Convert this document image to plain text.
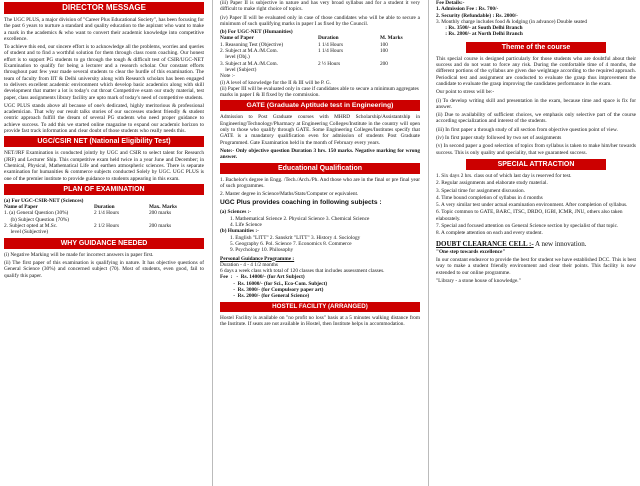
DIRECTOR MESSAGE

The UGC PLUS, a major division of "Career Plus Educational Society", has been focusing for the past 6 years to nurture a standard and quality education to the aspirant who want to make a mark in the academics & who want to convert their academic knowledge into competitive excellence.

To achieve this end, our sincere effort is to acknowledge all the problems, worries and queries of student and to find a worthful solution for them through class room coaching. Our honest effort is to support PG students to go through the tough & difficult test of CSIR/UGC-NET Examination to qualify for being a lecturer and a research scholar. Our constant efforts throughout past few year made several students to clear the hurdle of this examination. The team of faculty from IIT & Delhi university along with Research scholars has been engaged to delivers excellent academic environment which develop basic academics along with skill development that matter a lot is today's cut throat Competitive exam our study material, test paper, class assignments library facility are upto mark of today's need of competitive students.

UGC PLUS stands above all because of one's dedicated, highly meritorious & professional academician. That why our result talks stories of our successes student friendly & student centric approach fulfill the dream of several PG students who need proper guidance to achieve success. To add this we started online magazine to expand our academic horizon to provide fast track information and clear doubt of those students who really needs this.

UGC/CSIR NET (National Eligibility Test)

NET/JRF Examination is conducted jointly by UGC and CSIR to select talent for Research (JRF) and Lecturer Ship. This competitive exam held twice in a year June and December; in Chemical, Physical, Mathematical Life and earthen atmospheric sciences. There is separate examination for humanities & commerce subjects conducted Solely by UGC. UGC PLUS is one of the premier institute to provide guidance to students appearing in this exam.

PLAN OF EXAMINATION
(a) For UGC-CSIR-NET (Sciences)
Name of Paper	Duration	Max. Marks
1. (a) General Question (30%)	2 1/4 Hours	200 marks
(b) Subject Question (70%)
2. Subject opted at M.Sc.	2 1/2 Hours	200 marks
level (Subjective)
WHY GUIDANCE NEEDED

(i) Negative Marking will be made for incorrect answers in paper first.

(ii) The first paper of this examination is qualifying in nature. It has objective questions of General Science (30%) and concerned subject (70). Most of students, even good, fail to qualify this paper.

(iii) Paper II is subjective in nature and has very broad syllabus and for a student it very difficult to make right choice of topics.

(iv) Paper II will be evaluated only in case of those candidates who will be able to secure a minimum of such qualifying marks in paper I as fixed by the Council.

(b) For UGC-NET (Humanities)
Name of Paper	Duration	M. Marks
1. Reasoning Test (Objective)	1 1/4 Hours	100
2. Subject at M.A./M.Com.	1 1/4 Hours	100
level (Obj.)
3. Subject at M.A./M.Com.	2 ½ Hours	200
level (Subject)
Note :-
(i) A level of knowledge for the II & III will be P. G.
(ii) Paper III will be evaluated only in case if candidates able to secure a minimum aggregates marks in paper I & II fixed by the commission.
GATE (Graduate Aptitude test in Engineering)

Admission to Post Graduate courses with MHRD Scholarship/Assistantship in Engineering/Technology/Pharmacy at Engineering Colleges/Institute in the country will open only to those who qualify through GATE. Some Engineering Colleges/Institutes specify that GATE is a mandatory qualification even for admission of students Post Graduate Programmed. Gate Examination held in the month of February every years.

Note:- Only objective question Duration 3 hrs. 150 marks. Negative marking for wrong answer.

Educational Qualification

1. Bachelor's degree in Engg. /Tech./Arch./Ph. And those who are in the final or pre final year of such programmes.

2. Master degree in Science/Maths/Stats/Computer or equivalent.

UGC Plus provides coaching in following subjects :
(a) Sciences :-
1. Mathematical Science 2. Physical Science 3. Chemical Science
4. Life Science
(b) Humanities :-
1. English "LITT" 2. Sanskrit "LITT" 3. History 4. Sociology
5. Geography 6. Pol. Science 7. Economics 8. Commerce
9. Psychology 10. Philosophy
Personal Guidance Programme :
Duration - 4 - 4 1/2 months
6 days a week class with total of 120 classes that includes assessment classes.
Fee  :   -  Rs. 14000/- (for Art Subject)
-  Rs. 16000/- (for Sci., Eco-Com. Subject)
-  Rs. 3000/- (for Compulsory paper art)
-  Rs. 2000/- (for General Science)
HOSTEL FACILITY (ARRANGED)

Hostel Facility is available on "no profit no loss" basis at a 5 minutes walking distance from the Institute. If seats are not available in Hostel, then Institute helps in accommodation.

Fee Details:-
1. Admission Fee : Rs. 700/-
2. Security (Refundable) : Rs. 2000/-
3. Monthly charge includes food & lodging (in advance) Double seated
: Rs. 3500/- at South Delhi Branch
: Rs. 2800/- at North Delhi Branch
Theme of the course

This special course is designed particularly for those students who are doubtful about their success and do not want to force any risk. During the comfortable time of 4 months, the different portions of the syllabus are given due weightage according to the required approach. Periodical test and assignment are conducted to evaluate the grasp thus improvement the candidate to evaluate the grasp improving the candidates performance in the exam.

Our point to stress will be:-

(i) To develop writing skill and presentation in the exam, because time and space is fix for answer.

(ii) Due to availability of sufficient choices, we emphasis only selective part of the course according specialization and interest of the students.

(iii) In first paper a through study of all section from objective question point of view.

(iv) In first paper study followed by two set of assignments

(v) In second paper a good selection of topics from syllabus is taken to make him/her towards success. This is only quality and speciality, that we guaranteed success.

SPECIAL ATTRACTION
1. Six days 2 hrs. class out of which last day is reserved for test.
2. Regular assignments and elaborate study material.
3. Special time for assignment discussion.
4. Time bound completion of syllabus in 4 months
5. A very similar test under actual examination environment. After completion of syllabus.
6. Topic common to GATE, BARC, ITSC, DRDO, IGBI, ICMR, JNU, others also taken elaborately.
7. Special and focused attention on General Science section by specialist of that topic.
8. A complete attention on each and every student.
DOUBT CLEARANCE CELL :- A new innovation.

"One step towards excellence"

In our constant endeavor to provide the best for student we have established DCC. This is best way to make a student friendly environment and clear their points. This facility is now extended to our online programme.

"Library - a stone house of knowledge."
